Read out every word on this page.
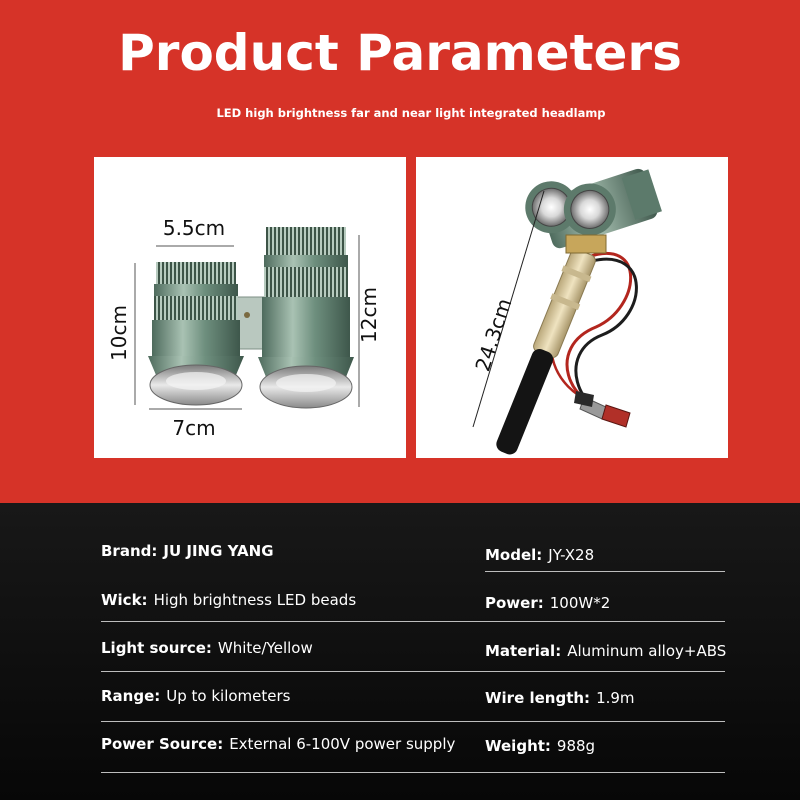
Product Parameters
LED high brightness far and near light integrated headlamp
5.5cm
7cm
10cm	12cm	24.3cm
Brand: JU JING YANG	Model: JY-X28
Wick: High brightness LED beads	Power: 100W*2
Light source: White/Yellow	Material: Aluminum alloy+ABS
Range: Up to kilometers	Wire length: 1.9m
Power Source: External 6-100V power supply Weight: 988g
